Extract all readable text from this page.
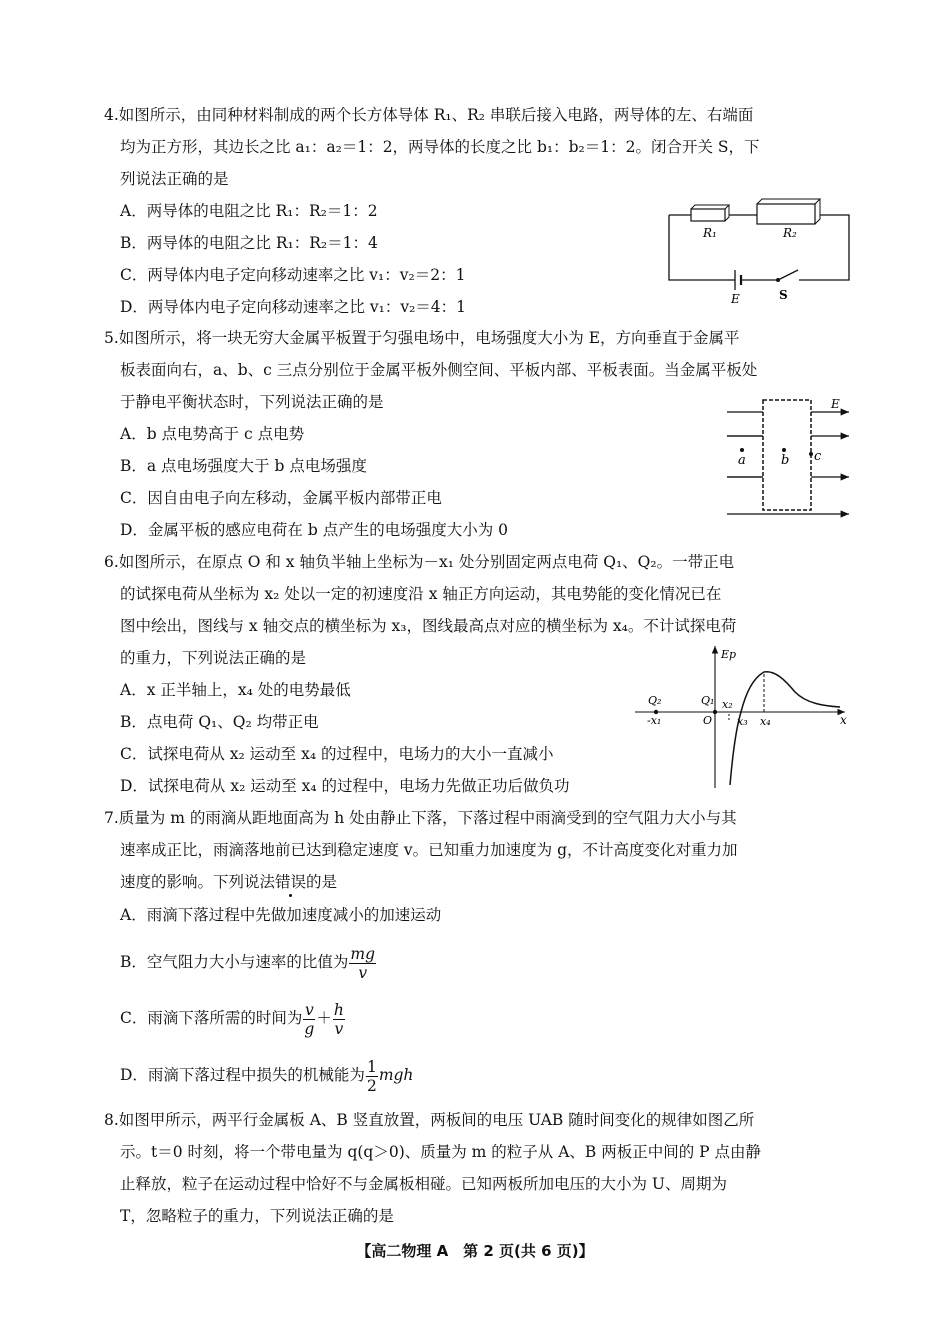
4.如图所示，由同种材料制成的两个长方体导体 R₁、R₂ 串联后接入电路，两导体的左、右端面
均为正方形，其边长之比 a₁：a₂＝1：2，两导体的长度之比 b₁：b₂＝1：2。闭合开关 S，下
列说法正确的是
A．两导体的电阻之比 R₁：R₂＝1：2
B．两导体的电阻之比 R₁：R₂＝1：4
C．两导体内电子定向移动速率之比 v₁：v₂＝2：1
D．两导体内电子定向移动速率之比 v₁：v₂＝4：1
R₁	R₂
E	S
5.如图所示，将一块无穷大金属平板置于匀强电场中，电场强度大小为 E，方向垂直于金属平
板表面向右，a、b、c 三点分别位于金属平板外侧空间、平板内部、平板表面。当金属平板处
于静电平衡状态时，下列说法正确的是
A．b 点电势高于 c 点电势
B．a 点电场强度大于 b 点电场强度
C．因自由电子向左移动，金属平板内部带正电
D．金属平板的感应电荷在 b 点产生的电场强度大小为 0
E
a	b c
6.如图所示，在原点 O 和 x 轴负半轴上坐标为－x₁ 处分别固定两点电荷 Q₁、Q₂。一带正电
的试探电荷从坐标为 x₂ 处以一定的初速度沿 x 轴正方向运动，其电势能的变化情况已在
图中绘出，图线与 x 轴交点的横坐标为 x₃，图线最高点对应的横坐标为 x₄。不计试探电荷
的重力，下列说法正确的是
A．x 正半轴上，x₄ 处的电势最低
B．点电荷 Q₁、Q₂ 均带正电
C．试探电荷从 x₂ 运动至 x₄ 的过程中，电场力的大小一直减小
D．试探电荷从 x₂ 运动至 x₄ 的过程中，电场力先做正功后做负功
Ep
x
Q₂
-x₁
Q₁
O
x₂
x₃ x₄
7.质量为 m 的雨滴从距地面高为 h 处由静止下落，下落过程中雨滴受到的空气阻力大小与其
速率成正比，雨滴落地前已达到稳定速度 v。已知重力加速度为 g，不计高度变化对重力加
速度的影响。下列说法错误的是
A．雨滴下落过程中先做加速度减小的加速运动
B．空气阻力大小与速率的比值为 $\frac{mg}{v}$
C．雨滴下落所需的时间为 $\frac{v}{g} + \frac{h}{v}$
D．雨滴下落过程中损失的机械能为 $\frac{1}{2}$ mgh
8.如图甲所示，两平行金属板 A、B 竖直放置，两板间的电压 UAB 随时间变化的规律如图乙所
示。t＝0 时刻，将一个带电量为 q(q＞0)、质量为 m 的粒子从 A、B 两板正中间的 P 点由静
止释放，粒子在运动过程中恰好不与金属板相碰。已知两板所加电压的大小为 U、周期为
T，忽略粒子的重力，下列说法正确的是
【高二物理 A　第 2 页(共 6 页)】
